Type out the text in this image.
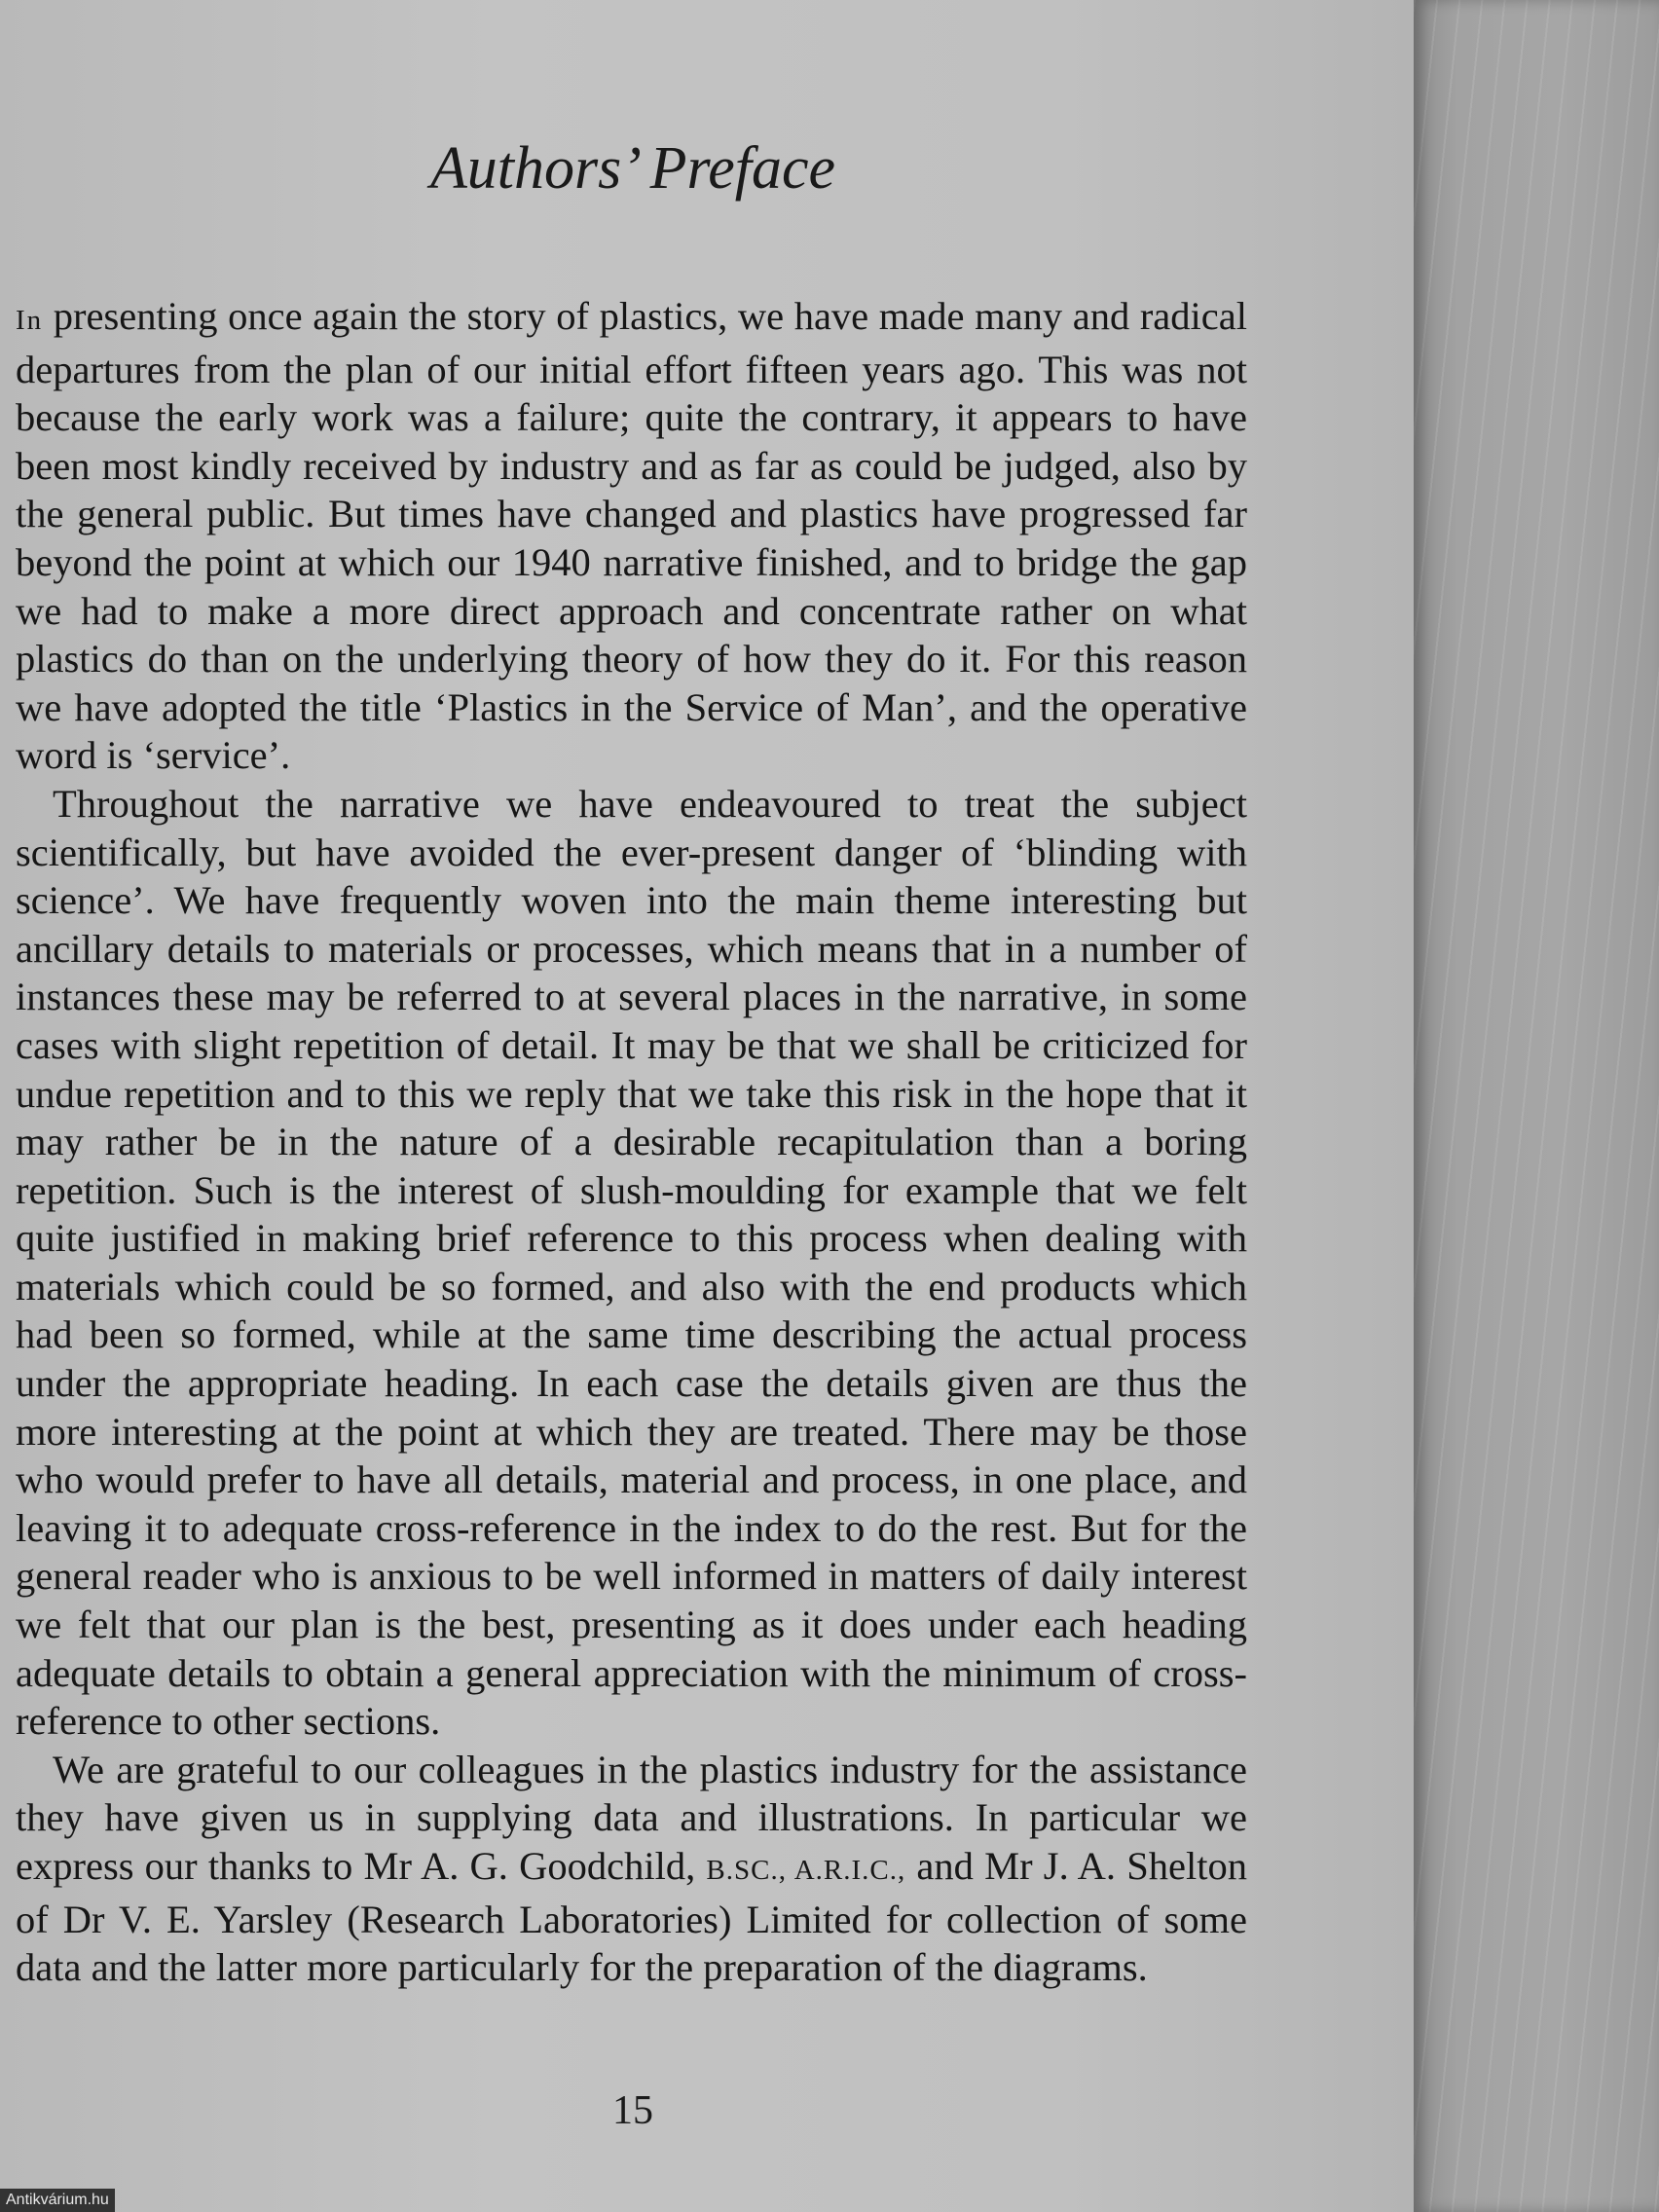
Authors’ Preface

In presenting once again the story of plastics, we have made many and radical departures from the plan of our initial effort fifteen years ago. This was not because the early work was a failure; quite the contrary, it appears to have been most kindly received by industry and as far as could be judged, also by the general public. But times have changed and plastics have progressed far beyond the point at which our 1940 narrative finished, and to bridge the gap we had to make a more direct approach and concentrate rather on what plastics do than on the underlying theory of how they do it. For this reason we have adopted the title ‘Plastics in the Service of Man’, and the operative word is ‘service’.

Throughout the narrative we have endeavoured to treat the subject scientifically, but have avoided the ever-present danger of ‘blinding with science’. We have frequently woven into the main theme interesting but ancillary details to materials or processes, which means that in a number of instances these may be referred to at several places in the narrative, in some cases with slight repetition of detail. It may be that we shall be criticized for undue repetition and to this we reply that we take this risk in the hope that it may rather be in the nature of a desirable recapitulation than a boring repetition. Such is the interest of slush-moulding for example that we felt quite justified in making brief reference to this process when dealing with materials which could be so formed, and also with the end products which had been so formed, while at the same time describing the actual process under the appropriate heading. In each case the details given are thus the more interesting at the point at which they are treated. There may be those who would prefer to have all details, material and process, in one place, and leaving it to adequate cross-reference in the index to do the rest. But for the general reader who is anxious to be well informed in matters of daily interest we felt that our plan is the best, presenting as it does under each heading adequate details to obtain a general appreciation with the minimum of cross-reference to other sections.

We are grateful to our colleagues in the plastics industry for the assistance they have given us in supplying data and illustrations. In particular we express our thanks to Mr A. G. Goodchild, B.SC., A.R.I.C., and Mr J. A. Shelton of Dr V. E. Yarsley (Research Laboratories) Limited for collection of some data and the latter more particularly for the preparation of the diagrams.

15
Antikvárium.hu
